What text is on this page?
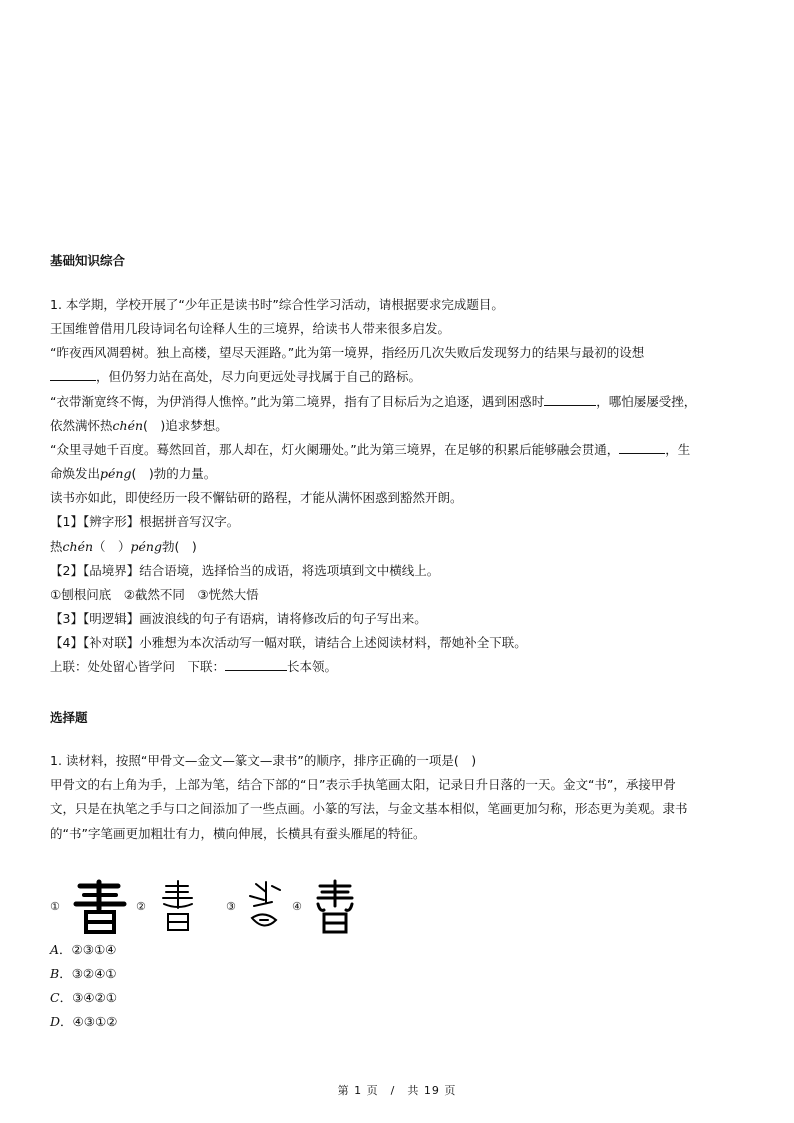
基础知识综合
1. 本学期，学校开展了“少年正是读书时”综合性学习活动，请根据要求完成题目。
王国维曾借用几段诗词名句诠释人生的三境界，给读书人带来很多启发。
“昨夜西风凋碧树。独上高楼，望尽天涯路。”此为第一境界，指经历几次失败后发现努力的结果与最初的设想
，但仍努力站在高处，尽力向更远处寻找属于自己的路标。
“衣带渐宽终不悔，为伊消得人憔悴。”此为第二境界，指有了目标后为之追逐，遇到困惑时	，哪怕屡屡受挫，
依然满怀热chén(　)追求梦想。
“众里寻她千百度。蓦然回首，那人却在，灯火阑珊处。”此为第三境界，在足够的积累后能够融会贯通，	，生
命焕发出péng(　)勃的力量。
读书亦如此，即使经历一段不懈钻研的路程，才能从满怀困惑到豁然开朗。
【1】【辨字形】根据拼音写汉字。
热chén（　）péng勃(　)
【2】【品境界】结合语境，选择恰当的成语，将选项填到文中横线上。
①刨根问底　②截然不同　③恍然大悟
【3】【明逻辑】画波浪线的句子有语病，请将修改后的句子写出来。
【4】【补对联】小雅想为本次活动写一幅对联，请结合上述阅读材料，帮她补全下联。
上联：处处留心皆学问　下联：	长本领。
选择题
1. 读材料，按照“甲骨文—金文—篆文—隶书”的顺序，排序正确的一项是(　)
甲骨文的右上角为手，上部为笔，结合下部的“日”表示手执笔画太阳，记录日升日落的一天。金文“书”，承接甲骨
文，只是在执笔之手与口之间添加了一些点画。小篆的写法，与金文基本相似，笔画更加匀称，形态更为美观。隶书
的“书”字笔画更加粗壮有力，横向伸展，长横具有蚕头雁尾的特征。
①	②	③	④
A．②③①④
B．③②④①
C．③④②①
D．④③①②
第 1 页　/　共 19 页
